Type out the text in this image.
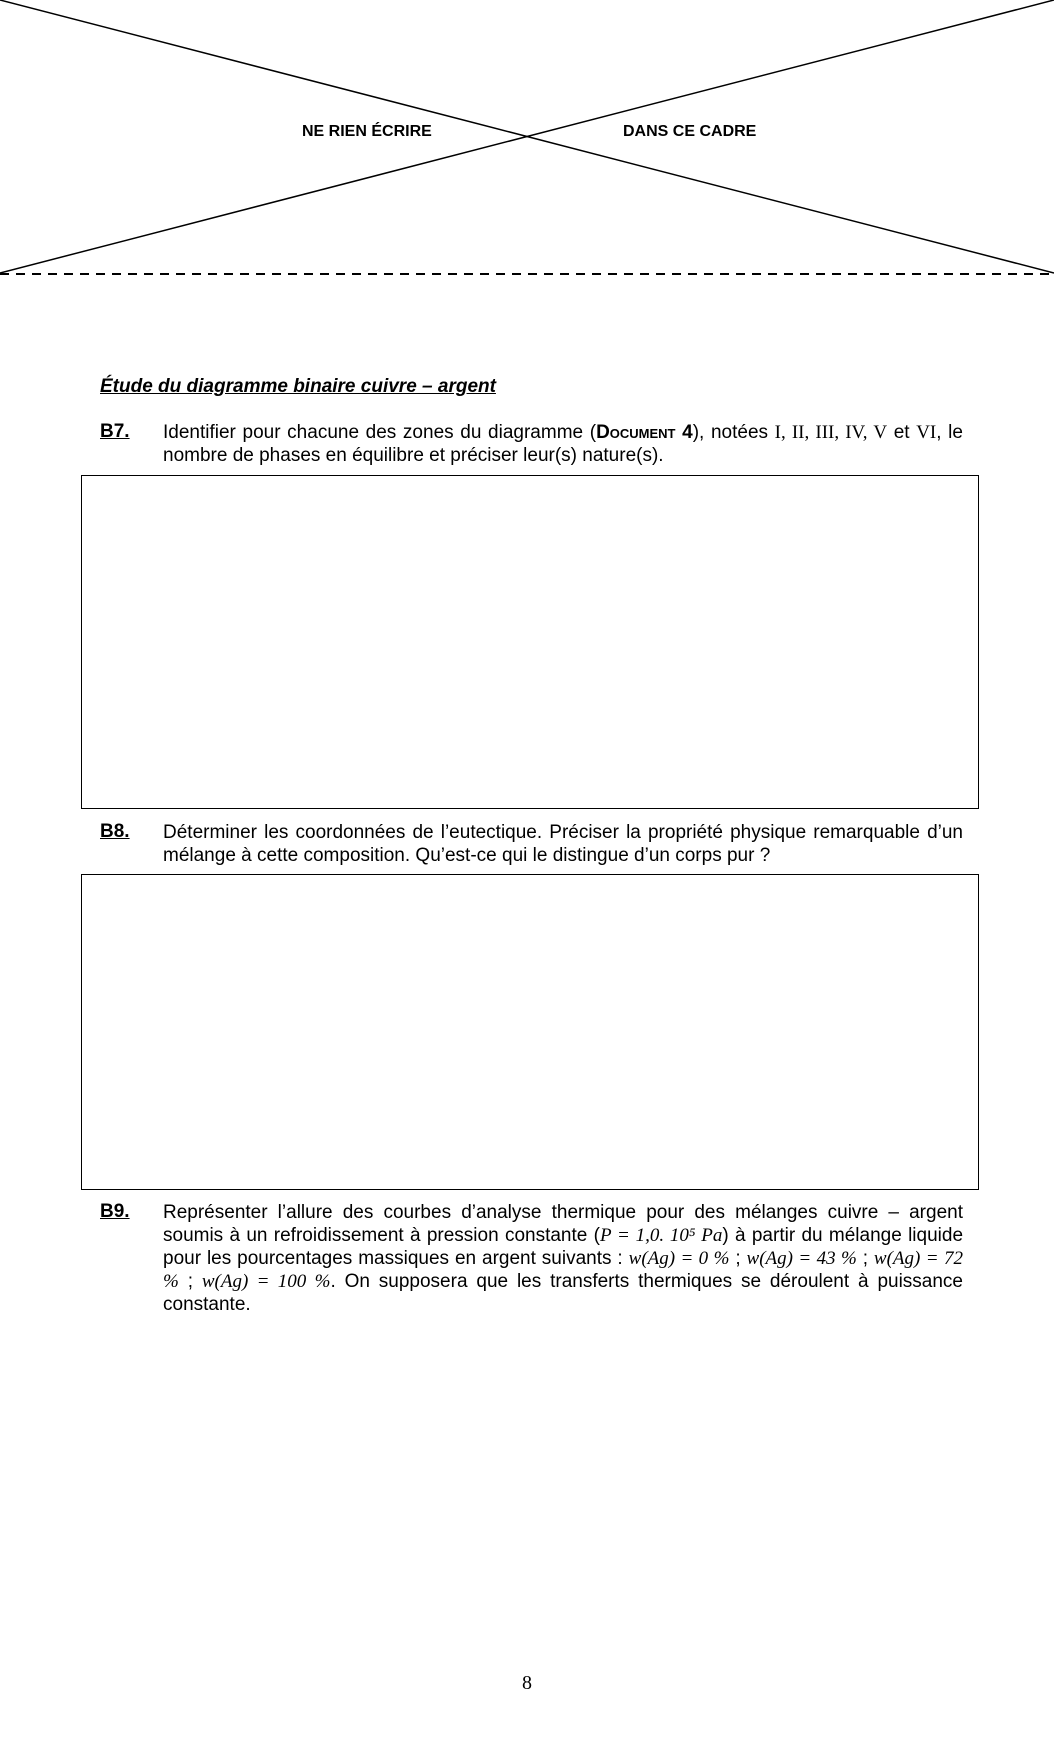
NE RIEN ÉCRIRE	DANS CE CADRE
Étude du diagramme binaire cuivre – argent
B7. Identifier pour chacune des zones du diagramme (Document 4), notées I, II, III, IV, V et VI, le nombre de phases en équilibre et préciser leur(s) nature(s).
B8. Déterminer les coordonnées de l’eutectique. Préciser la propriété physique remarquable d’un mélange à cette composition. Qu’est-ce qui le distingue d’un corps pur ?
B9. Représenter l’allure des courbes d’analyse thermique pour des mélanges cuivre – argent soumis à un refroidissement à pression constante (P = 1,0. 10⁵ Pa) à partir du mélange liquide pour les pourcentages massiques en argent suivants : w(Ag) = 0 % ; w(Ag) = 43 % ; w(Ag) = 72 % ; w(Ag) = 100 %. On supposera que les transferts thermiques se déroulent à puissance constante.
8
